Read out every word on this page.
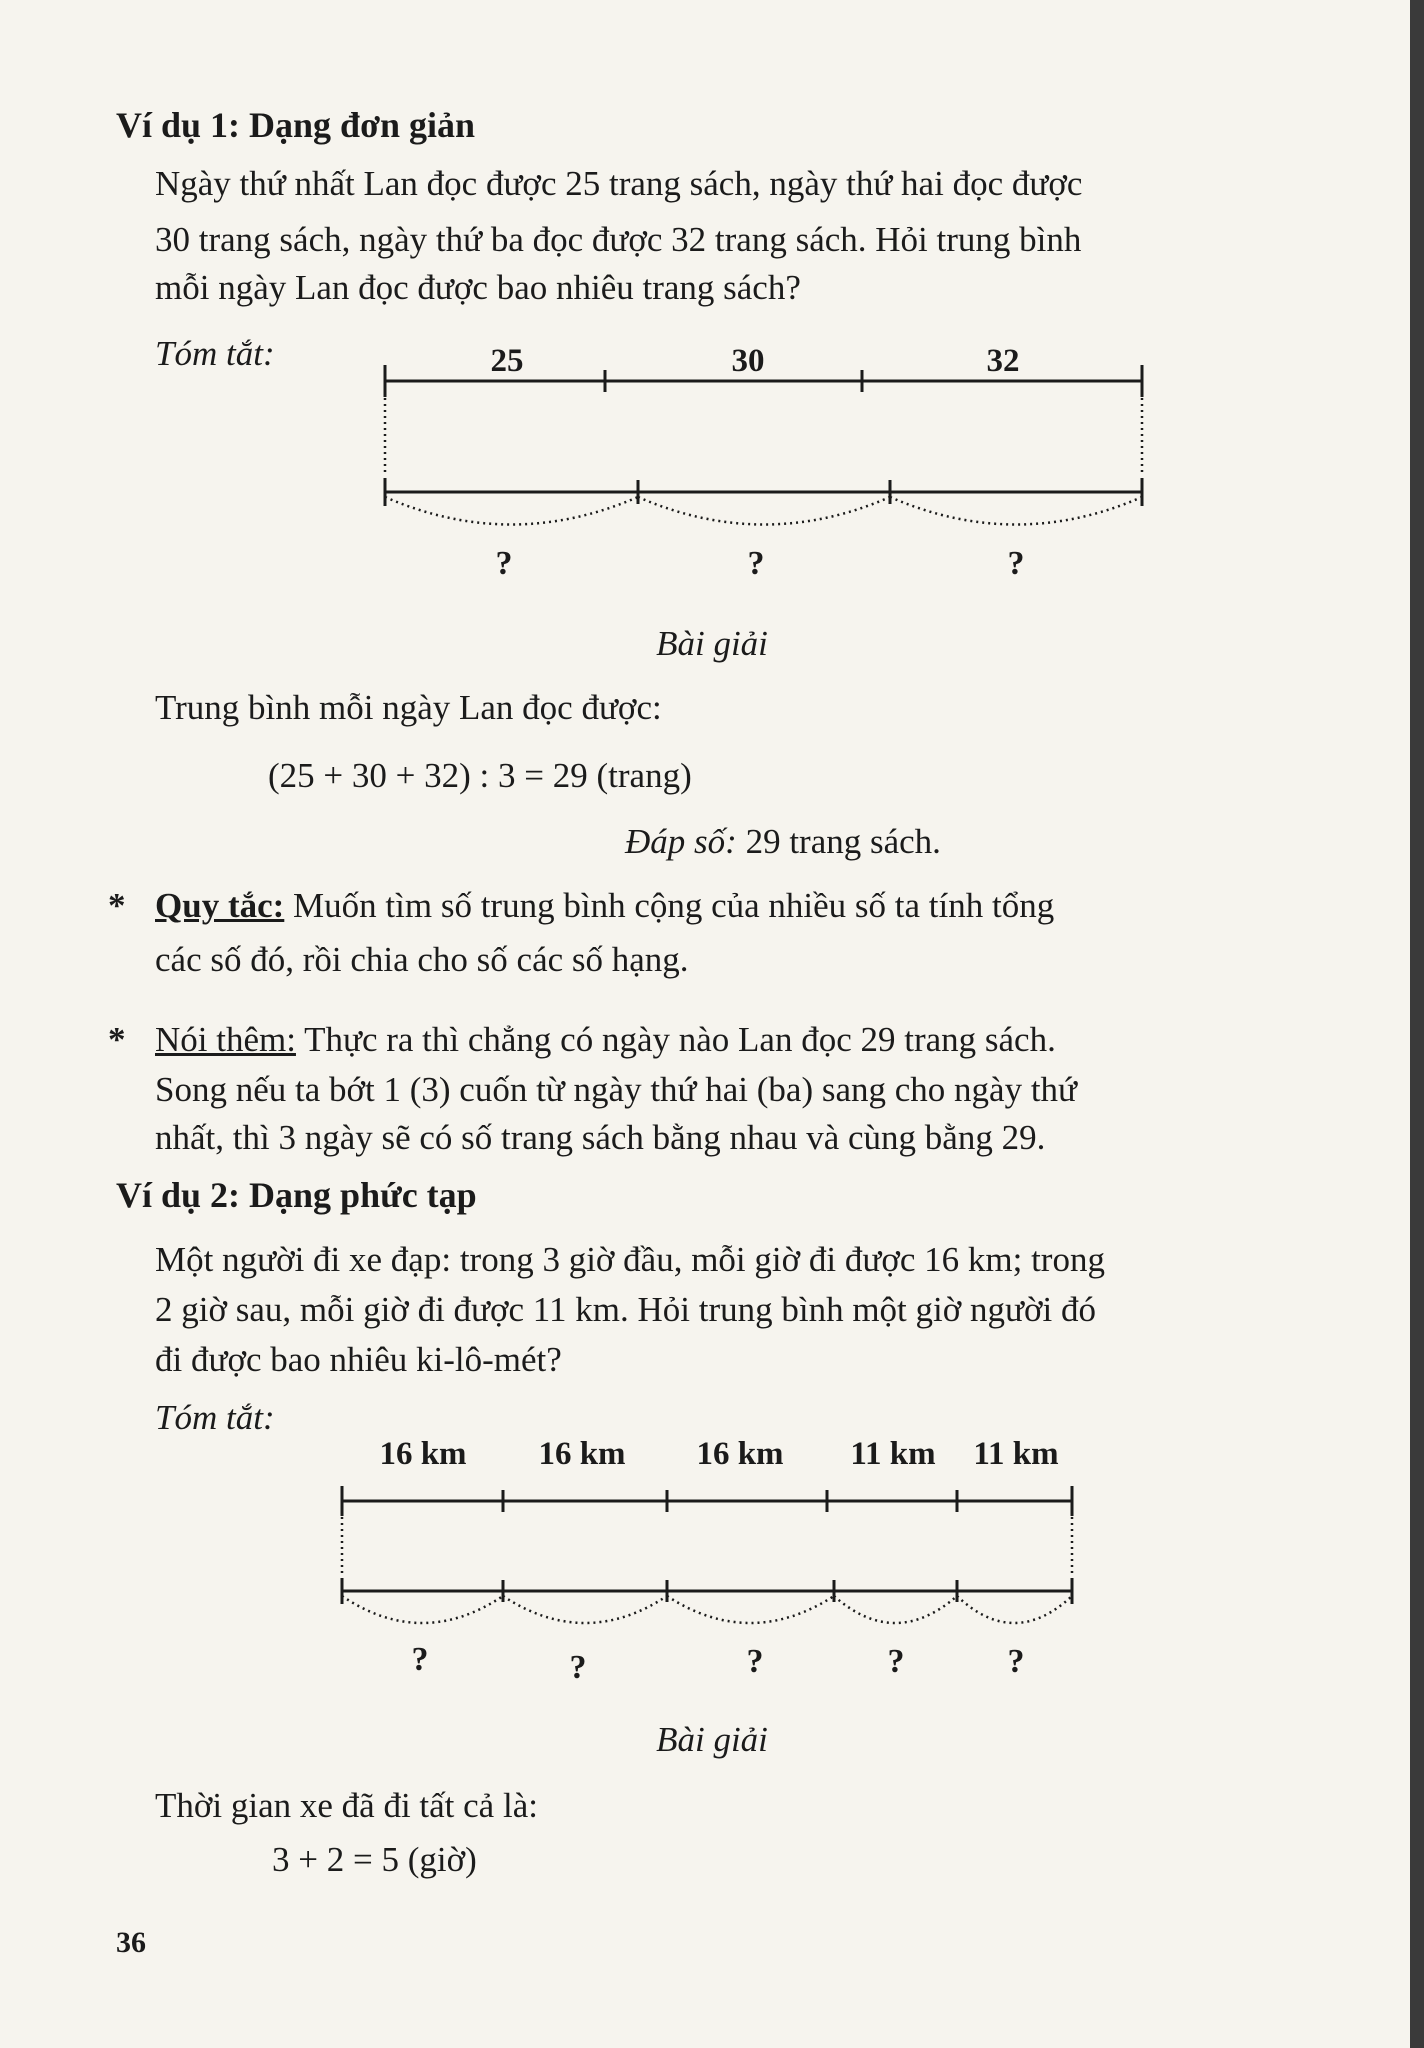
Ví dụ 1: Dạng đơn giản
Ngày thứ nhất Lan đọc được 25 trang sách, ngày thứ hai đọc được
30 trang sách, ngày thứ ba đọc được 32 trang sách. Hỏi trung bình
mỗi ngày Lan đọc được bao nhiêu trang sách?
Tóm tắt:	25	30	32
?	?	?
Bài giải
Trung bình mỗi ngày Lan đọc được:
(25 + 30 + 32) : 3 = 29 (trang)
Đáp số: 29 trang sách.
* Quy tắc: Muốn tìm số trung bình cộng của nhiều số ta tính tổng
các số đó, rồi chia cho số các số hạng.
* Nói thêm: Thực ra thì chẳng có ngày nào Lan đọc 29 trang sách.
Song nếu ta bớt 1 (3) cuốn từ ngày thứ hai (ba) sang cho ngày thứ
nhất, thì 3 ngày sẽ có số trang sách bằng nhau và cùng bằng 29.
Ví dụ 2: Dạng phức tạp
Một người đi xe đạp: trong 3 giờ đầu, mỗi giờ đi được 16 km; trong
2 giờ sau, mỗi giờ đi được 11 km. Hỏi trung bình một giờ người đó
đi được bao nhiêu ki-lô-mét?
Tóm tắt:
16 km 16 km 16 km 11 km 11 km
?	?	?	?	?
Bài giải
Thời gian xe đã đi tất cả là:
3 + 2 = 5 (giờ)
36
